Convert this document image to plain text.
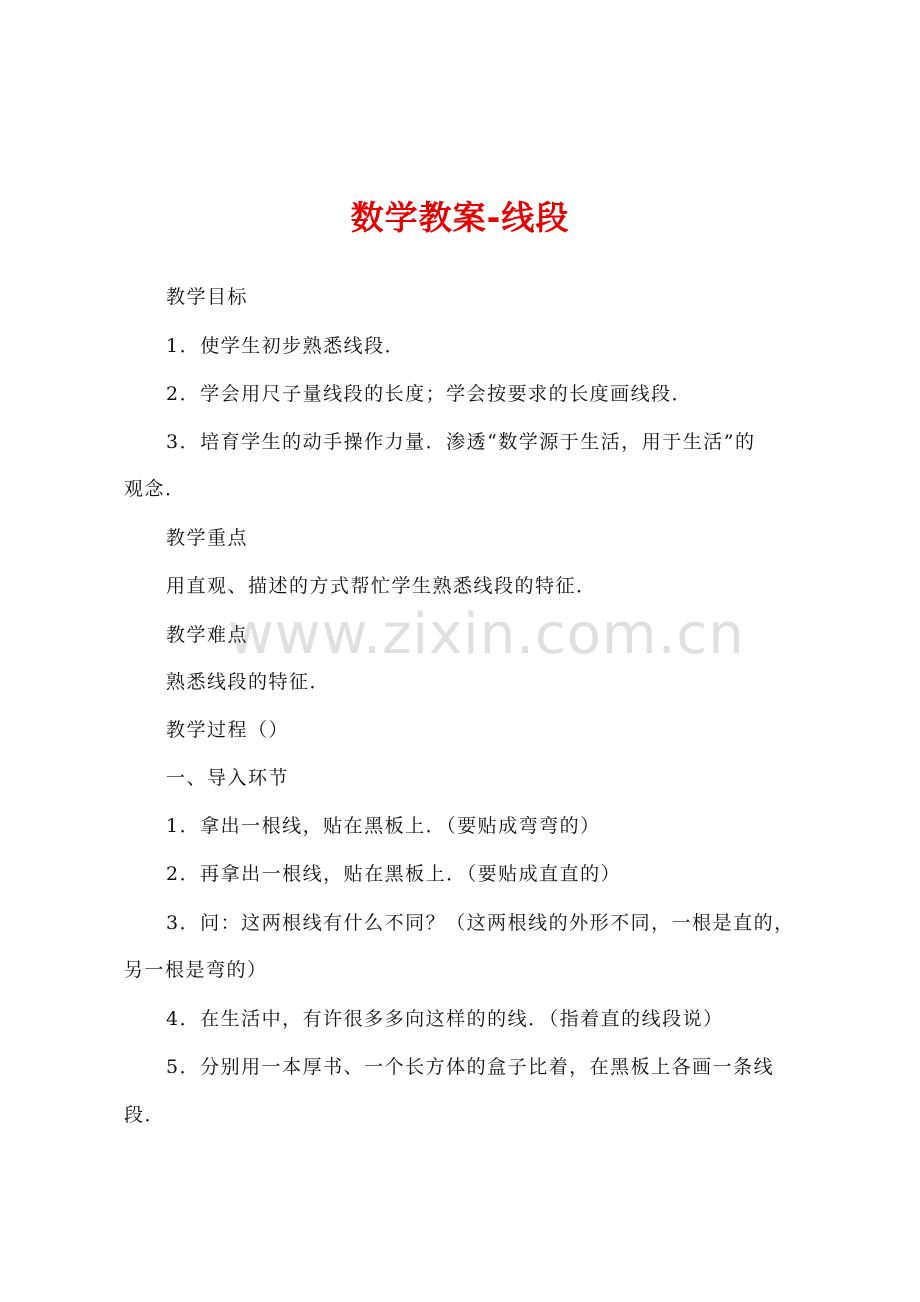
www.zixin.com.cn
数学教案-线段
教学目标
1．使学生初步熟悉线段．
2．学会用尺子量线段的长度；学会按要求的长度画线段．
3．培育学生的动手操作力量．渗透“数学源于生活，用于生活”的
观念．
教学重点
用直观、描述的方式帮忙学生熟悉线段的特征．
教学难点
熟悉线段的特征．
教学过程（）
一、导入环节
1．拿出一根线，贴在黑板上．（要贴成弯弯的）
2．再拿出一根线，贴在黑板上．（要贴成直直的）
3．问：这两根线有什么不同？（这两根线的外形不同，一根是直的，
另一根是弯的）
4．在生活中，有许很多多向这样的的线．（指着直的线段说）
5．分别用一本厚书、一个长方体的盒子比着，在黑板上各画一条线
段．
